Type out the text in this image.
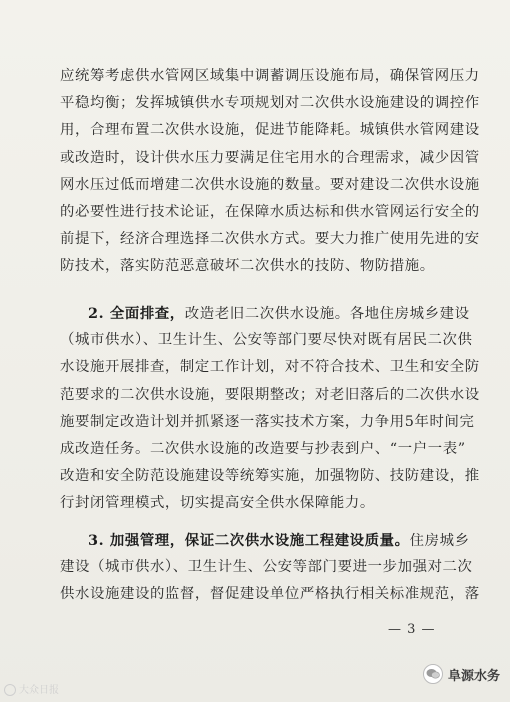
应统筹考虑供水管网区域集中调蓄调压设施布局，确保管网压力
平稳均衡；发挥城镇供水专项规划对二次供水设施建设的调控作
用，合理布置二次供水设施，促进节能降耗。城镇供水管网建设
或改造时，设计供水压力要满足住宅用水的合理需求，减少因管
网水压过低而增建二次供水设施的数量。要对建设二次供水设施
的必要性进行技术论证，在保障水质达标和供水管网运行安全的
前提下，经济合理选择二次供水方式。要大力推广使用先进的安
防技术，落实防范恶意破坏二次供水的技防、物防措施。
2. 全面排查，改造老旧二次供水设施。各地住房城乡建设
（城市供水）、卫生计生、公安等部门要尽快对既有居民二次供
水设施开展排查，制定工作计划，对不符合技术、卫生和安全防
范要求的二次供水设施，要限期整改；对老旧落后的二次供水设
施要制定改造计划并抓紧逐一落实技术方案，力争用5年时间完
成改造任务。二次供水设施的改造要与抄表到户、“一户一表”
改造和安全防范设施建设等统筹实施，加强物防、技防建设，推
行封闭管理模式，切实提高安全供水保障能力。
3. 加强管理，保证二次供水设施工程建设质量。住房城乡
建设（城市供水）、卫生计生、公安等部门要进一步加强对二次
供水设施建设的监督，督促建设单位严格执行相关标准规范，落
— 3 —
大众日报
阜源水务
